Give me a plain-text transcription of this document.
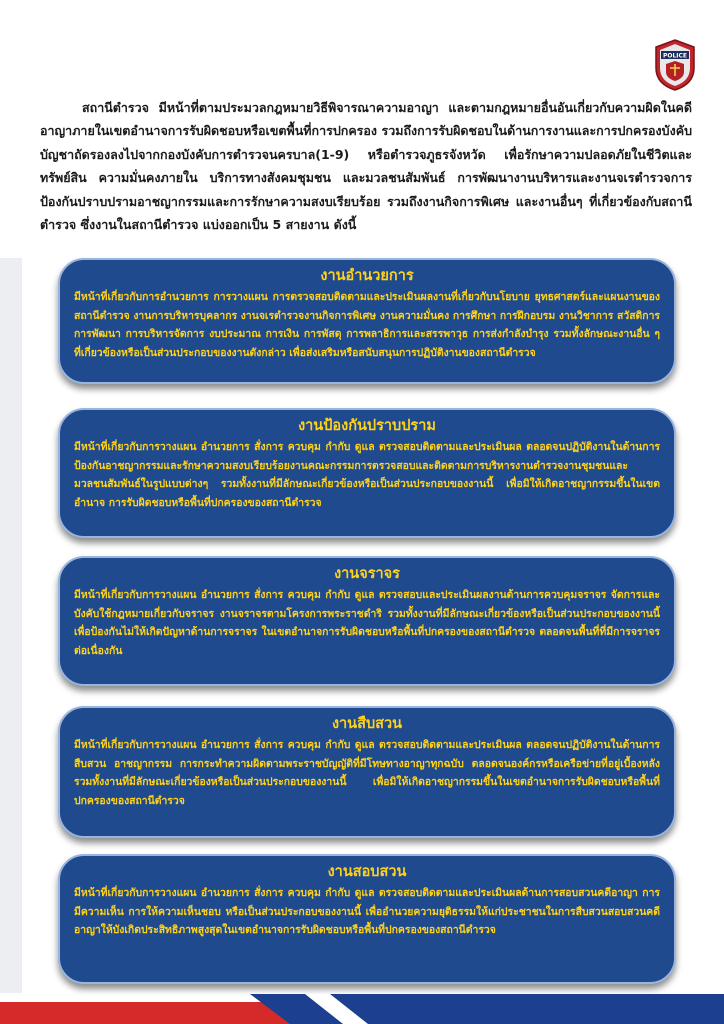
POLICE

สถานีตำรวจ มีหน้าที่ตามประมวลกฎหมายวิธีพิจารณาความอาญา และตามกฎหมายอื่นอันเกี่ยวกับความผิดในคดีอาญาภายในเขตอำนาจการรับผิดชอบหรือเขตพื้นที่การปกครอง รวมถึงการรับผิดชอบในด้านการงานและการปกครองบังคับบัญชาถัดรองลงไปจากกองบังคับการตำรวจนครบาล(1-9) หรือตำรวจภูธรจังหวัด เพื่อรักษาความปลอดภัยในชีวิตและทรัพย์สิน ความมั่นคงภายใน บริการทางสังคมชุมชน และมวลชนสัมพันธ์ การพัฒนางานบริหารและงานจเรตำรวจการป้องกันปราบปรามอาชญากรรมและการรักษาความสงบเรียบร้อย รวมถึงงานกิจการพิเศษ และงานอื่นๆ ที่เกี่ยวข้องกับสถานีตำรวจ ซึ่งงานในสถานีตำรวจ แบ่งออกเป็น 5 สายงาน ดังนี้

งานอำนวยการ

มีหน้าที่เกี่ยวกับการอำนวยการ การวางแผน การตรวจสอบติดตามและประเมินผลงานที่เกี่ยวกับนโยบาย ยุทธศาสตร์และแผนงานของสถานีตำรวจ งานการบริหารบุคลากร งานจเรตำรวจงานกิจการพิเศษ งานความมั่นคง การศึกษา การฝึกอบรม งานวิชาการ สวัสดิการ การพัฒนา การบริหารจัดการ งบประมาณ การเงิน การพัสดุ การพลาธิการและสรรพาวุธ การส่งกำลังบำรุง รวมทั้งลักษณะงานอื่น ๆ ที่เกี่ยวข้องหรือเป็นส่วนประกอบของงานดังกล่าว เพื่อส่งเสริมหรือสนับสนุนการปฏิบัติงานของสถานีตำรวจ

งานป้องกันปราบปราม

มีหน้าที่เกี่ยวกับการวางแผน อำนวยการ สั่งการ ควบคุม กำกับ ดูแล ตรวจสอบติดตามและประเมินผล ตลอดจนปฏิบัติงานในด้านการป้องกันอาชญากรรมและรักษาความสงบเรียบร้อยงานคณะกรรมการตรวจสอบและติดตามการบริหารงานตำรวจงานชุมชนและมวลชนสัมพันธ์ในรูปแบบต่างๆ รวมทั้งงานที่มีลักษณะเกี่ยวข้องหรือเป็นส่วนประกอบของงานนี้ เพื่อมิให้เกิดอาชญากรรมขึ้นในเขตอำนาจ การรับผิดชอบหรือพื้นที่ปกครองของสถานีตำรวจ

งานจราจร

มีหน้าที่เกี่ยวกับการวางแผน อำนวยการ สั่งการ ควบคุม กำกับ ดูแล ตรวจสอบและประเมินผลงานด้านการควบคุมจราจร จัดการและบังคับใช้กฎหมายเกี่ยวกับจราจร งานจราจรตามโครงการพระราชดำริ รวมทั้งงานที่มีลักษณะเกี่ยวข้องหรือเป็นส่วนประกอบของงานนี้ เพื่อป้องกันไม่ให้เกิดปัญหาด้านการจราจร ในเขตอำนาจการรับผิดชอบหรือพื้นที่ปกครองของสถานีตำรวจ ตลอดจนพื้นที่ที่มีการจราจรต่อเนื่องกัน

งานสืบสวน

มีหน้าที่เกี่ยวกับการวางแผน อำนวยการ สั่งการ ควบคุม กำกับ ดูแล ตรวจสอบติดตามและประเมินผล ตลอดจนปฏิบัติงานในด้านการสืบสวน อาชญากรรม การกระทำความผิดตามพระราชบัญญัติที่มีโทษทางอาญาทุกฉบับ ตลอดจนองค์กรหรือเครือข่ายที่อยู่เบื้องหลัง รวมทั้งงานที่มีลักษณะเกี่ยวข้องหรือเป็นส่วนประกอบของงานนี้ เพื่อมิให้เกิดอาชญากรรมขึ้นในเขตอำนาจการรับผิดชอบหรือพื้นที่ปกครองของสถานีตำรวจ

งานสอบสวน

มีหน้าที่เกี่ยวกับการวางแผน อำนวยการ สั่งการ ควบคุม กำกับ ดูแล ตรวจสอบติดตามและประเมินผลด้านการสอบสวนคดีอาญา การมีความเห็น การให้ความเห็นชอบ หรือเป็นส่วนประกอบของงานนี้ เพื่ออำนวยความยุติธรรมให้แก่ประชาชนในการสืบสวนสอบสวนคดีอาญาให้บังเกิดประสิทธิภาพสูงสุดในเขตอำนาจการรับผิดชอบหรือพื้นที่ปกครองของสถานีตำรวจ
